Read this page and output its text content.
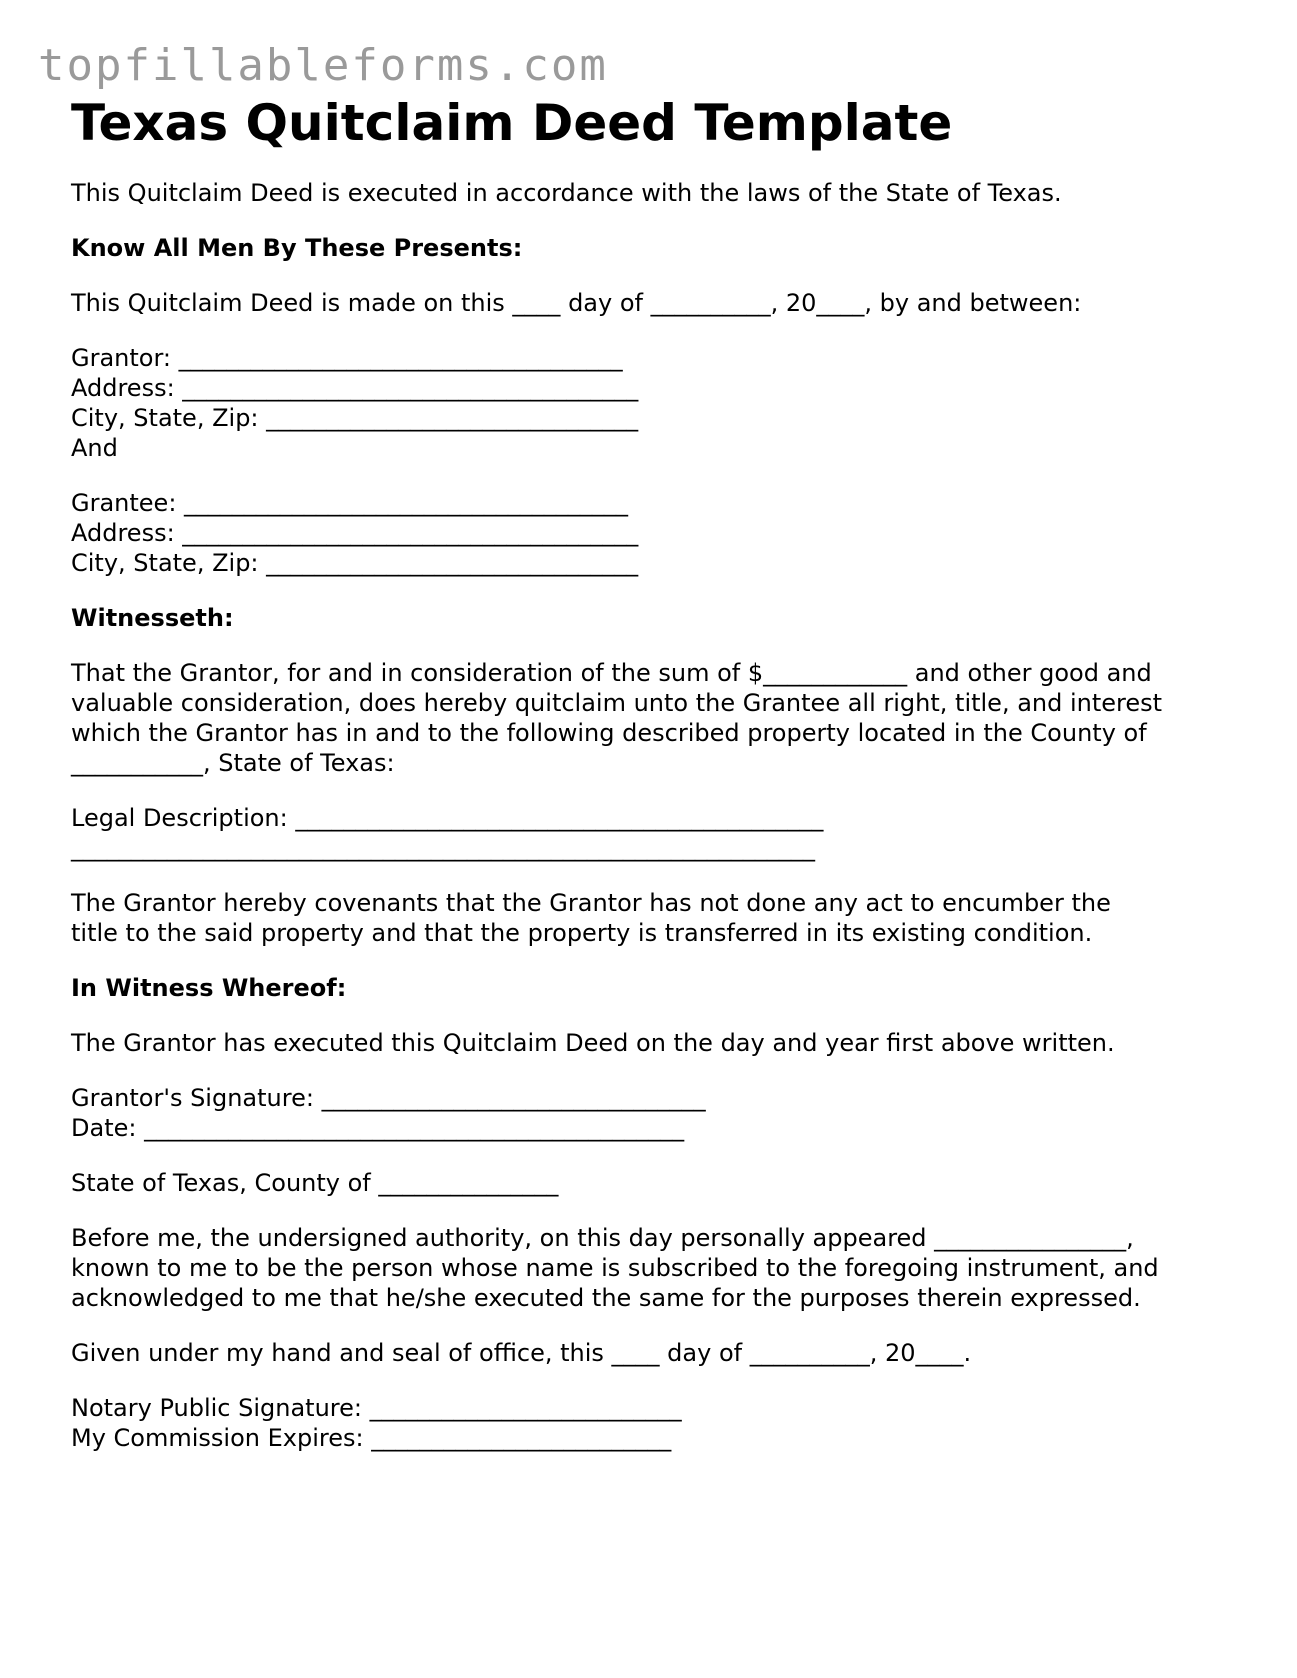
topfillableforms.com
Texas Quitclaim Deed Template
This Quitclaim Deed is executed in accordance with the laws of the State of Texas.
Know All Men By These Presents:
This Quitclaim Deed is made on this ____ day of __________, 20____, by and between:
Grantor: _____________________________________
Address: ______________________________________
City, State, Zip: _______________________________
And
Grantee: _____________________________________
Address: ______________________________________
City, State, Zip: _______________________________
Witnesseth:
That the Grantor, for and in consideration of the sum of $____________ and other good and
valuable consideration, does hereby quitclaim unto the Grantee all right, title, and interest
which the Grantor has in and to the following described property located in the County of
___________, State of Texas:
Legal Description: ____________________________________________
______________________________________________________________
The Grantor hereby covenants that the Grantor has not done any act to encumber the
title to the said property and that the property is transferred in its existing condition.
In Witness Whereof:
The Grantor has executed this Quitclaim Deed on the day and year first above written.
Grantor's Signature: ________________________________
Date: _____________________________________________
State of Texas, County of _______________
Before me, the undersigned authority, on this day personally appeared ________________,
known to me to be the person whose name is subscribed to the foregoing instrument, and
acknowledged to me that he/she executed the same for the purposes therein expressed.
Given under my hand and seal of office, this ____ day of __________, 20____.
Notary Public Signature: __________________________
My Commission Expires: _________________________
